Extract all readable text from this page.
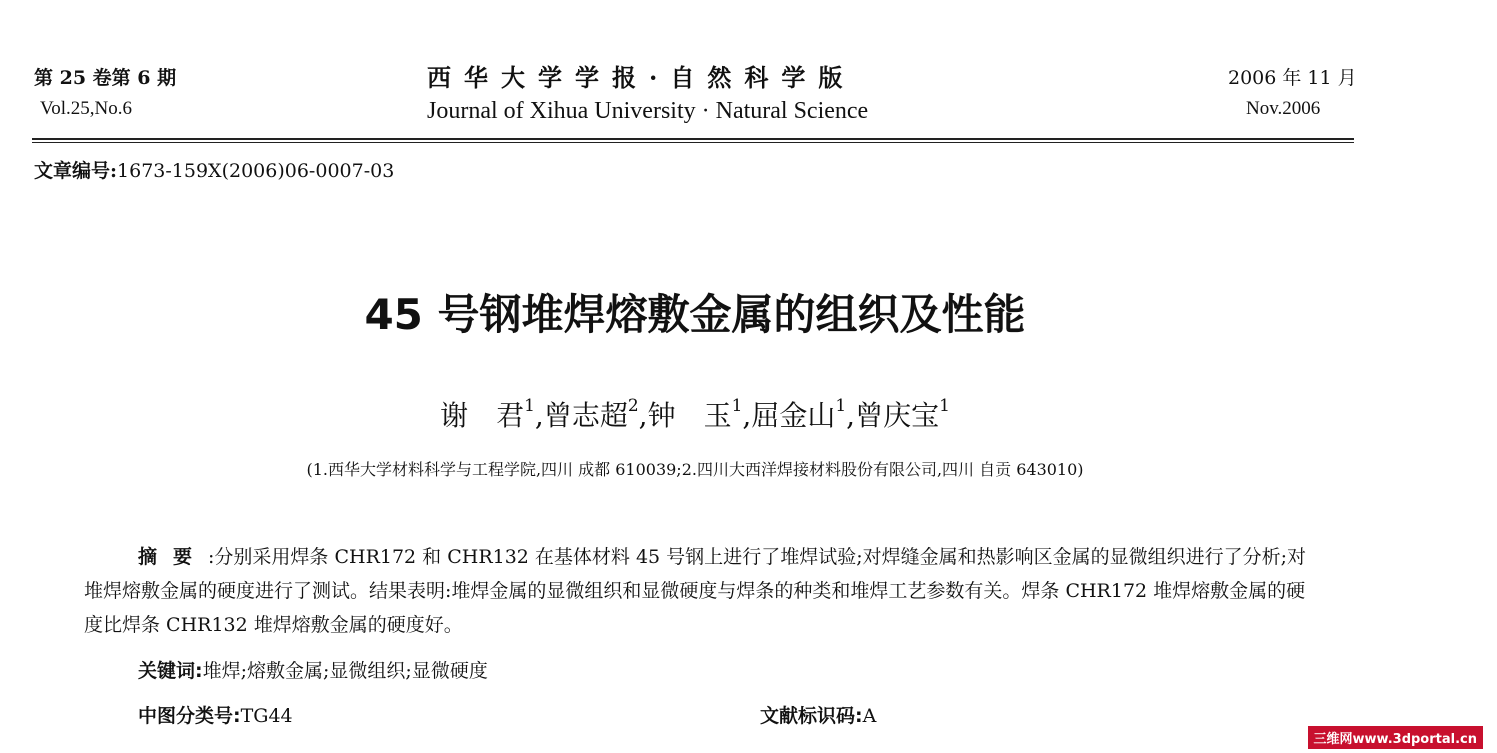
第 25 卷第 6 期
Vol.25,No.6
西华大学学报·自然科学版
Journal of Xihua University · Natural Science
2006 年 11 月
Nov.2006
文章编号:1673-159X(2006)06-0007-03
45 号钢堆焊熔敷金属的组织及性能
谢　君$^1$,曾志超$^2$,钟　玉$^1$,屈金山$^1$,曾庆宝$^1$
(1.西华大学材料科学与工程学院,四川 成都 610039;2.四川大西洋焊接材料股份有限公司,四川 自贡 643010)

摘要:分别采用焊条 CHR172 和 CHR132 在基体材料 45 号钢上进行了堆焊试验;对焊缝金属和热影响区金属的显微组织进行了分析;对堆焊熔敷金属的硬度进行了测试。结果表明:堆焊金属的显微组织和显微硬度与焊条的种类和堆焊工艺参数有关。焊条 CHR172 堆焊熔敷金属的硬度比焊条 CHR132 堆焊熔敷金属的硬度好。

关键词:堆焊;熔敷金属;显微组织;显微硬度
中图分类号:TG44	文献标识码:A
三维网www.3dportal.cn
